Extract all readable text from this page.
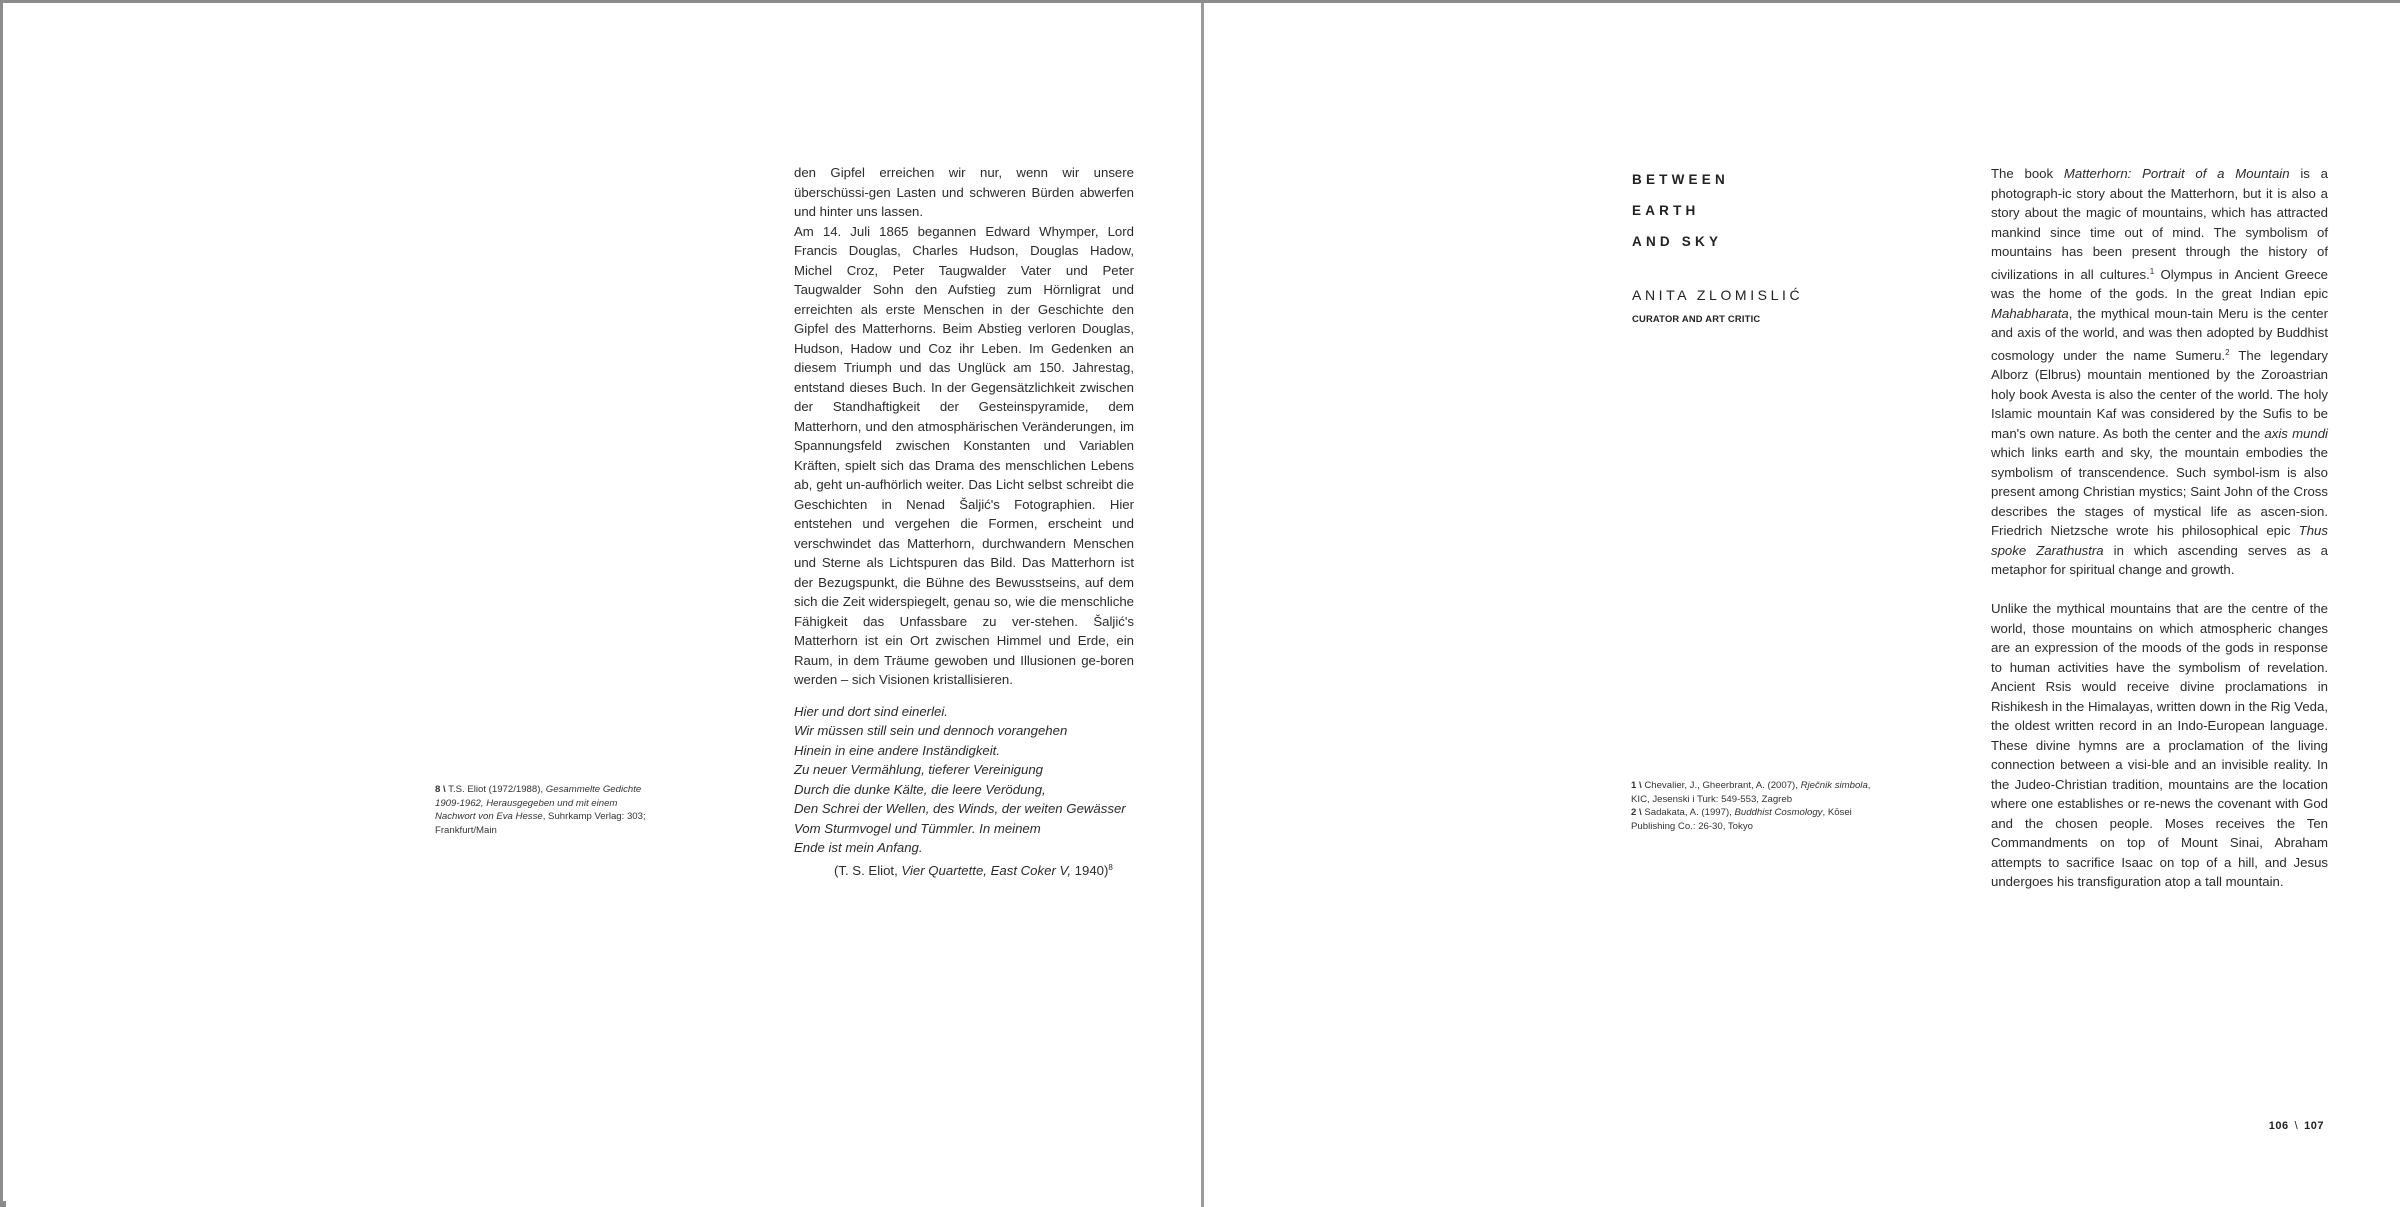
den Gipfel erreichen wir nur, wenn wir unsere überschüssi-gen Lasten und schweren Bürden abwerfen und hinter uns lassen.

Am 14. Juli 1865 begannen Edward Whymper, Lord Francis Douglas, Charles Hudson, Douglas Hadow, Michel Croz, Peter Taugwalder Vater und Peter Taugwalder Sohn den Aufstieg zum Hörnligrat und erreichten als erste Menschen in der Geschichte den Gipfel des Matterhorns. Beim Abstieg verloren Douglas, Hudson, Hadow und Coz ihr Leben. Im Gedenken an diesem Triumph und das Unglück am 150. Jahrestag, entstand dieses Buch. In der Gegensätzlichkeit zwischen der Standhaftigkeit der Gesteinspyramide, dem Matterhorn, und den atmosphärischen Veränderungen, im Spannungsfeld zwischen Konstanten und Variablen Kräften, spielt sich das Drama des menschlichen Lebens ab, geht un-aufhörlich weiter. Das Licht selbst schreibt die Geschichten in Nenad Šaljić's Fotographien. Hier entstehen und vergehen die Formen, erscheint und verschwindet das Matterhorn, durchwandern Menschen und Sterne als Lichtspuren das Bild. Das Matterhorn ist der Bezugspunkt, die Bühne des Bewusstseins, auf dem sich die Zeit widerspiegelt, genau so, wie die menschliche Fähigkeit das Unfassbare zu ver-stehen. Šaljić's Matterhorn ist ein Ort zwischen Himmel und Erde, ein Raum, in dem Träume gewoben und Illusionen ge-boren werden – sich Visionen kristallisieren.

Hier und dort sind einerlei.
Wir müssen still sein und dennoch vorangehen
Hinein in eine andere Inständigkeit.
Zu neuer Vermählung, tieferer Vereinigung
Durch die dunke Kälte, die leere Verödung,
Den Schrei der Wellen, des Winds, der weiten Gewässer
Vom Sturmvogel und Tümmler. In meinem
Ende ist mein Anfang.
(T. S. Eliot, Vier Quartette, East Coker V, 1940)$^8$

8 \ T.S. Eliot (1972/1988), Gesammelte Gedichte 1909-1962, Herausgegeben und mit einem Nachwort von Eva Hesse, Suhrkamp Verlag: 303; Frankfurt/Main
BETWEEN
EARTH
AND SKY
ANITA ZLOMISLIĆ
CURATOR AND ART CRITIC

The book Matterhorn: Portrait of a Mountain is a photograph-ic story about the Matterhorn, but it is also a story about the magic of mountains, which has attracted mankind since time out of mind. The symbolism of mountains has been present through the history of civilizations in all cultures.$^1$ Olympus in Ancient Greece was the home of the gods. In the great Indian epic Mahabharata, the mythical moun-tain Meru is the center and axis of the world, and was then adopted by Buddhist cosmology under the name Sumeru.$^2$ The legendary Alborz (Elbrus) mountain mentioned by the Zoroastrian holy book Avesta is also the center of the world. The holy Islamic mountain Kaf was considered by the Sufis to be man's own nature. As both the center and the axis mundi which links earth and sky, the mountain embodies the symbolism of transcendence. Such symbol-ism is also present among Christian mystics; Saint John of the Cross describes the stages of mystical life as ascen-sion. Friedrich Nietzsche wrote his philosophical epic Thus spoke Zarathustra in which ascending serves as a metaphor for spiritual change and growth.

Unlike the mythical mountains that are the centre of the world, those mountains on which atmospheric changes are an expression of the moods of the gods in response to human activities have the symbolism of revelation. Ancient Rsis would receive divine proclamations in Rishikesh in the Himalayas, written down in the Rig Veda, the oldest written record in an Indo-European language. These divine hymns are a proclamation of the living connection between a visi-ble and an invisible reality. In the Judeo-Christian tradition, mountains are the location where one establishes or re-news the covenant with God and the chosen people. Moses receives the Ten Commandments on top of Mount Sinai, Abraham attempts to sacrifice Isaac on top of a hill, and Jesus undergoes his transfiguration atop a tall mountain.

1 \ Chevalier, J., Gheerbrant, A. (2007), Rječnik simbola, KIC, Jesenski i Turk: 549-553, Zagreb

2 \ Sadakata, A. (1997), Buddhist Cosmology, Kōsei Publishing Co.: 26-30, Tokyo

106 \ 107
